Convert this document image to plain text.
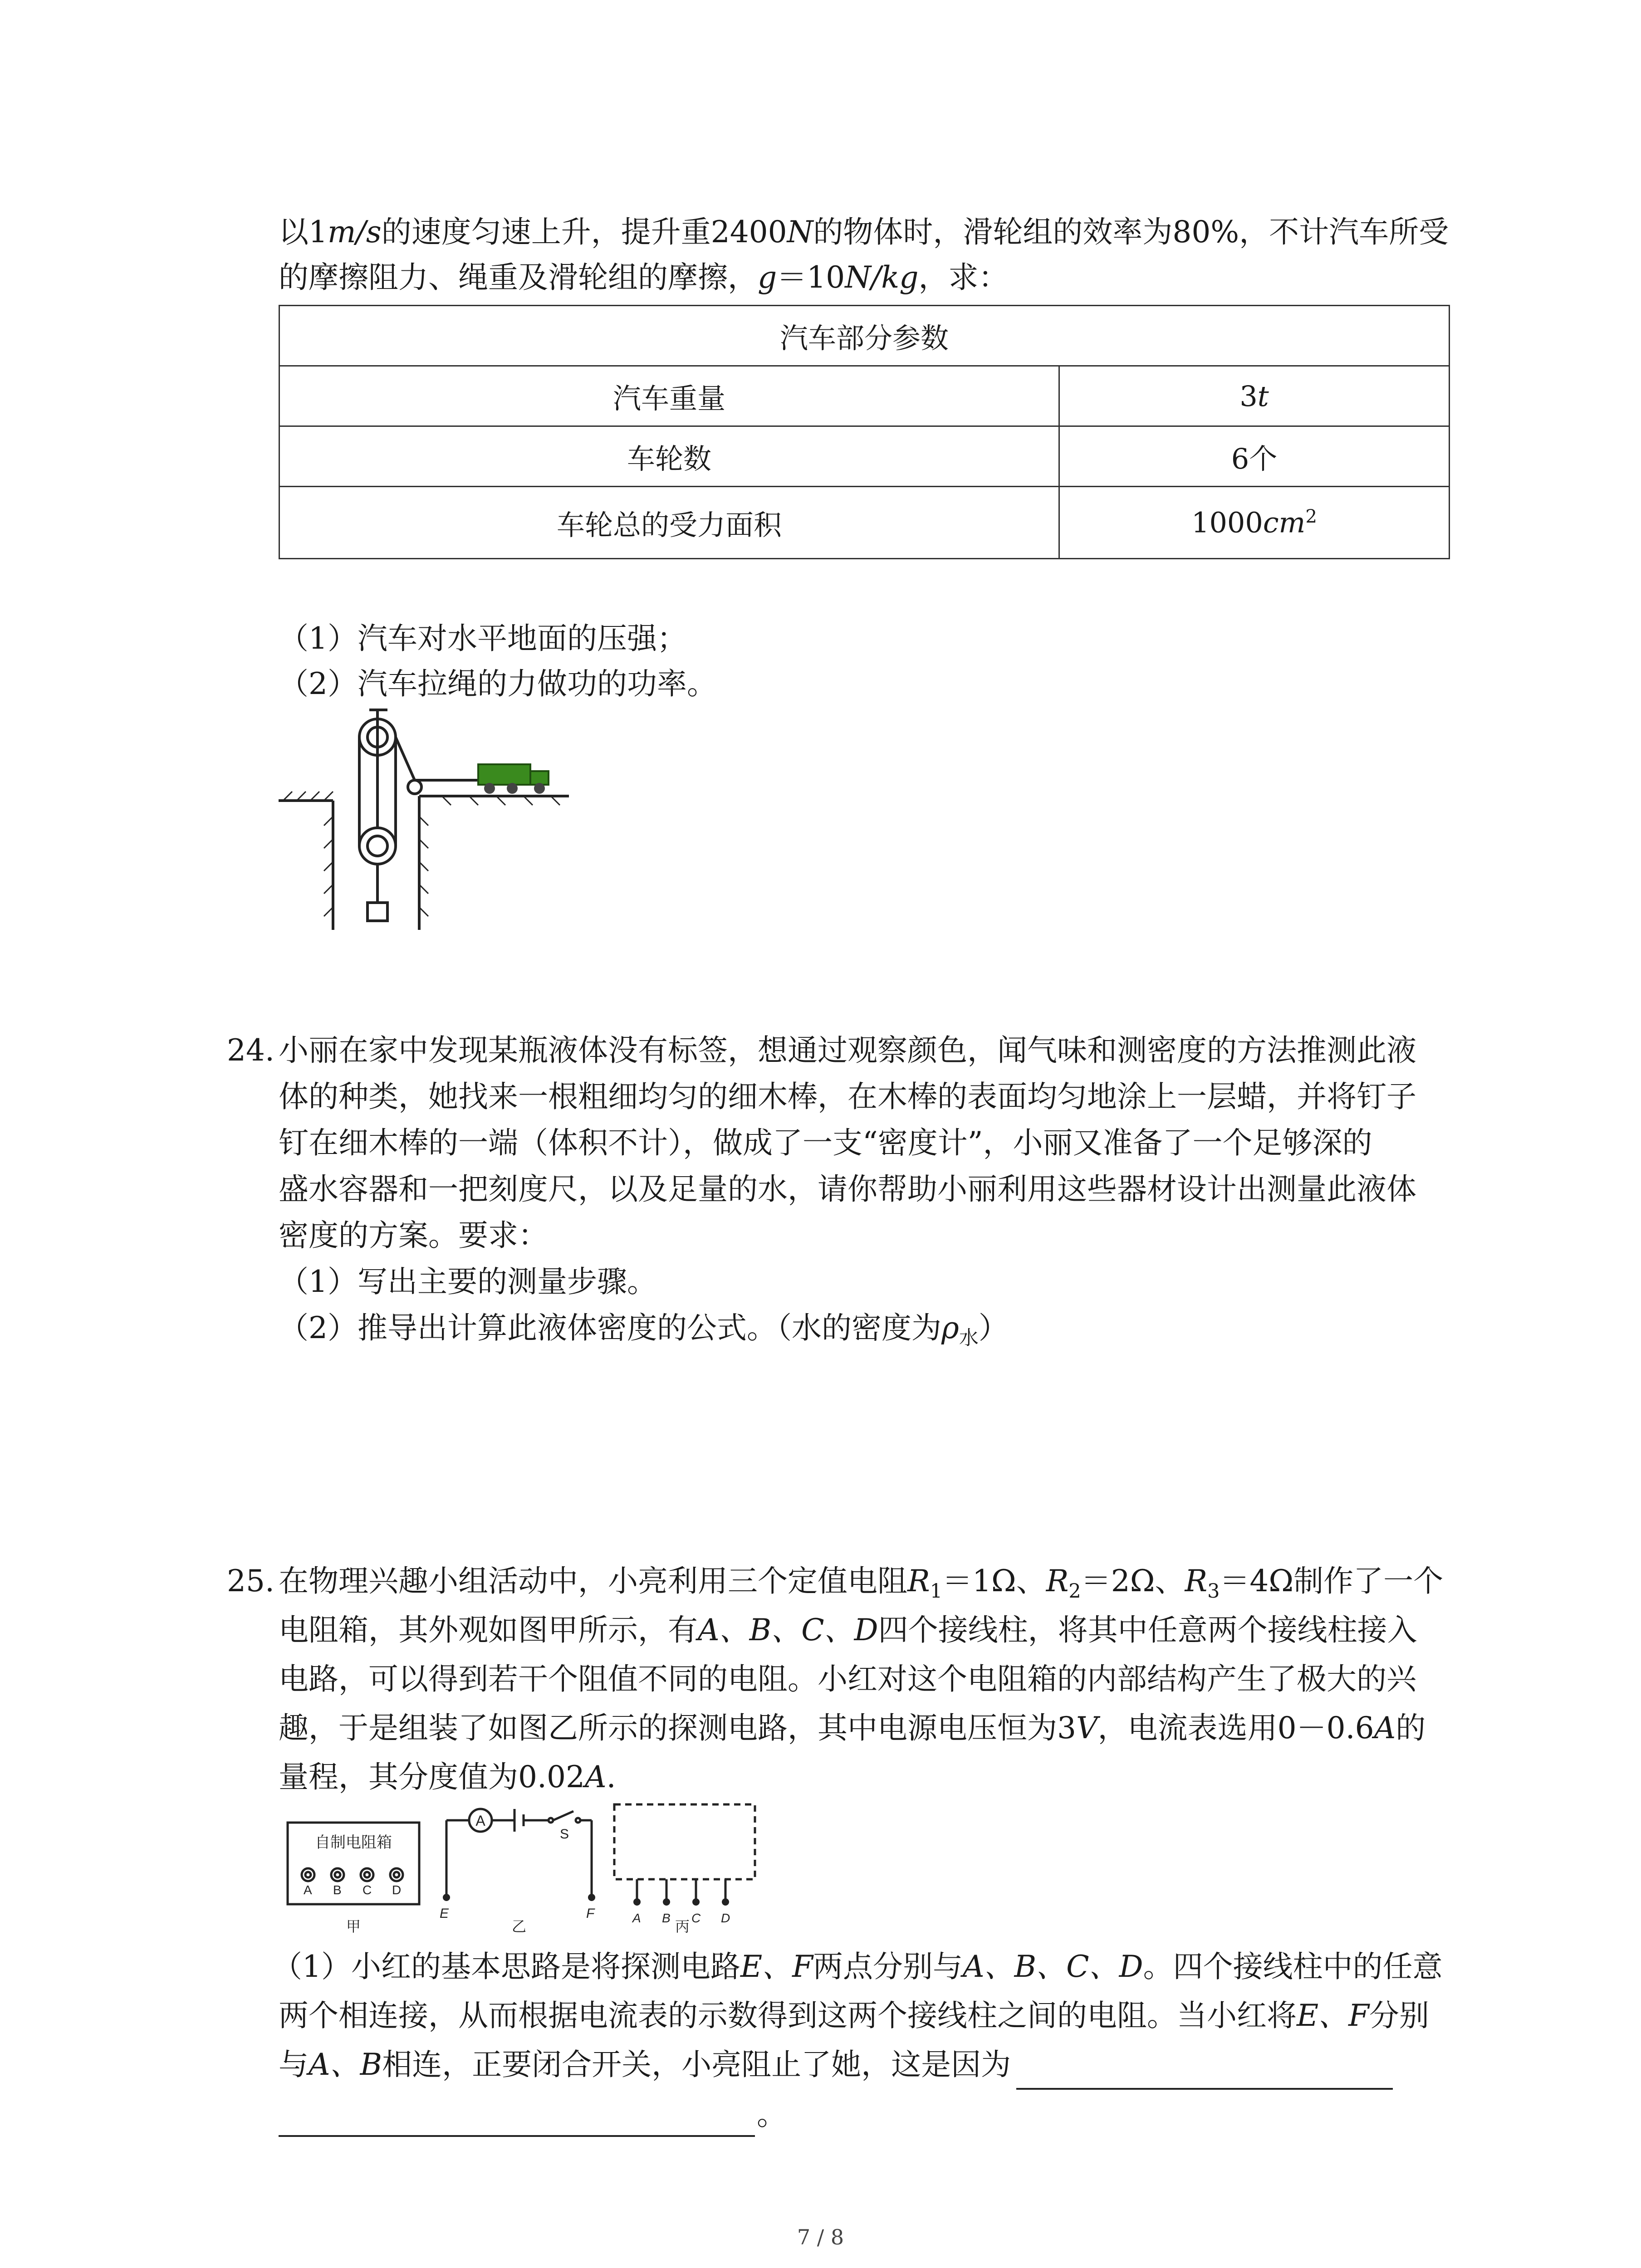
以1m/s的速度匀速上升，提升重2400N的物体时，滑轮组的效率为80%，不计汽车所受
的摩擦阻力、绳重及滑轮组的摩擦，g＝10N/kg，求：
汽车部分参数	
汽车重量	3t
车轮数	6个
车轮总的受力面积	$1000cm^2$
（1）汽车对水平地面的压强；
（2）汽车拉绳的力做功的功率。
24. 小丽在家中发现某瓶液体没有标签，想通过观察颜色，闻气味和测密度的方法推测此液
体的种类，她找来一根粗细均匀的细木棒，在木棒的表面均匀地涂上一层蜡，并将钉子
钉在细木棒的一端（体积不计），做成了一支“密度计”，小丽又准备了一个足够深的
盛水容器和一把刻度尺，以及足量的水，请你帮助小丽利用这些器材设计出测量此液体
密度的方案。要求：
（1）写出主要的测量步骤。
（2）推导出计算此液体密度的公式。（水的密度为$\rho_水$）
25. 在物理兴趣小组活动中，小亮利用三个定值电阻$R_1=1\Omega$、$R_2=2\Omega$、$R_3=4\Omega$制作了一个
电阻箱，其外观如图甲所示，有A、B、C、D四个接线柱，将其中任意两个接线柱接入
电路，可以得到若干个阻值不同的电阻。小红对这个电阻箱的内部结构产生了极大的兴
趣，于是组装了如图乙所示的探测电路，其中电源电压恒为3V，电流表选用0－0.6A的
量程，其分度值为0.02A.
自制电阻箱
A
S
E	F
A B C D
A B C D
甲	乙	丙
（1）小红的基本思路是将探测电路E、F两点分别与A、B、C、D。四个接线柱中的任意
两个相连接，从而根据电流表的示数得到这两个接线柱之间的电阻。当小红将E、F分别
与A、B相连，正要闭合开关，小亮阻止了她，这是因为
。
7 / 8
